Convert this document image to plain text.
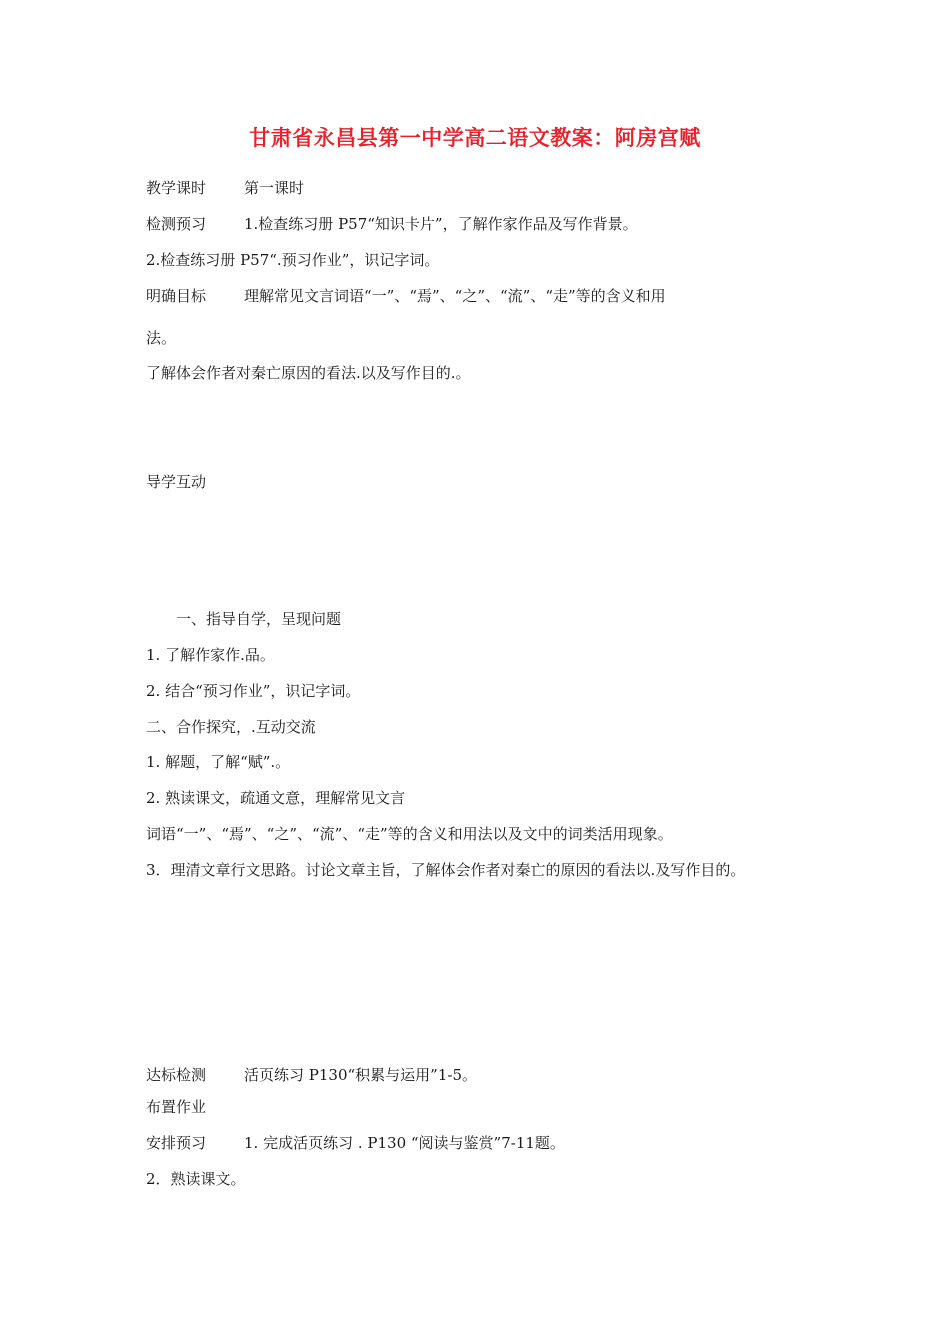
甘肃省永昌县第一中学高二语文教案：阿房宫赋
教学课时	第一课时
检测预习	1.检查练习册 P57“知识卡片”，了解作家作品及写作背景。
2.检查练习册 P57“.预习作业”，识记字词。
明确目标	理解常见文言词语“一”、“焉”、“之”、“流”、“走”等的含义和用
法。
了解体会作者对秦亡原因的看法.以及写作目的.。
导学互动
一、指导自学，呈现问题
1. 了解作家作.品。
2. 结合“预习作业”，识记字词。
二、合作探究，.互动交流
1. 解题，了解“赋”.。
2. 熟读课文，疏通文意，理解常见文言
词语“一”、“焉”、“之”、“流”、“走”等的含义和用法以及文中的词类活用现象。
3．理清文章行文思路。讨论文章主旨，了解体会作者对秦亡的原因的看法以.及写作目的。
达标检测	活页练习 P130“积累与运用”1-5。
布置作业
安排预习	1. 完成活页练习 . P130 “阅读与鉴赏”7-11题。
2．熟读课文。
